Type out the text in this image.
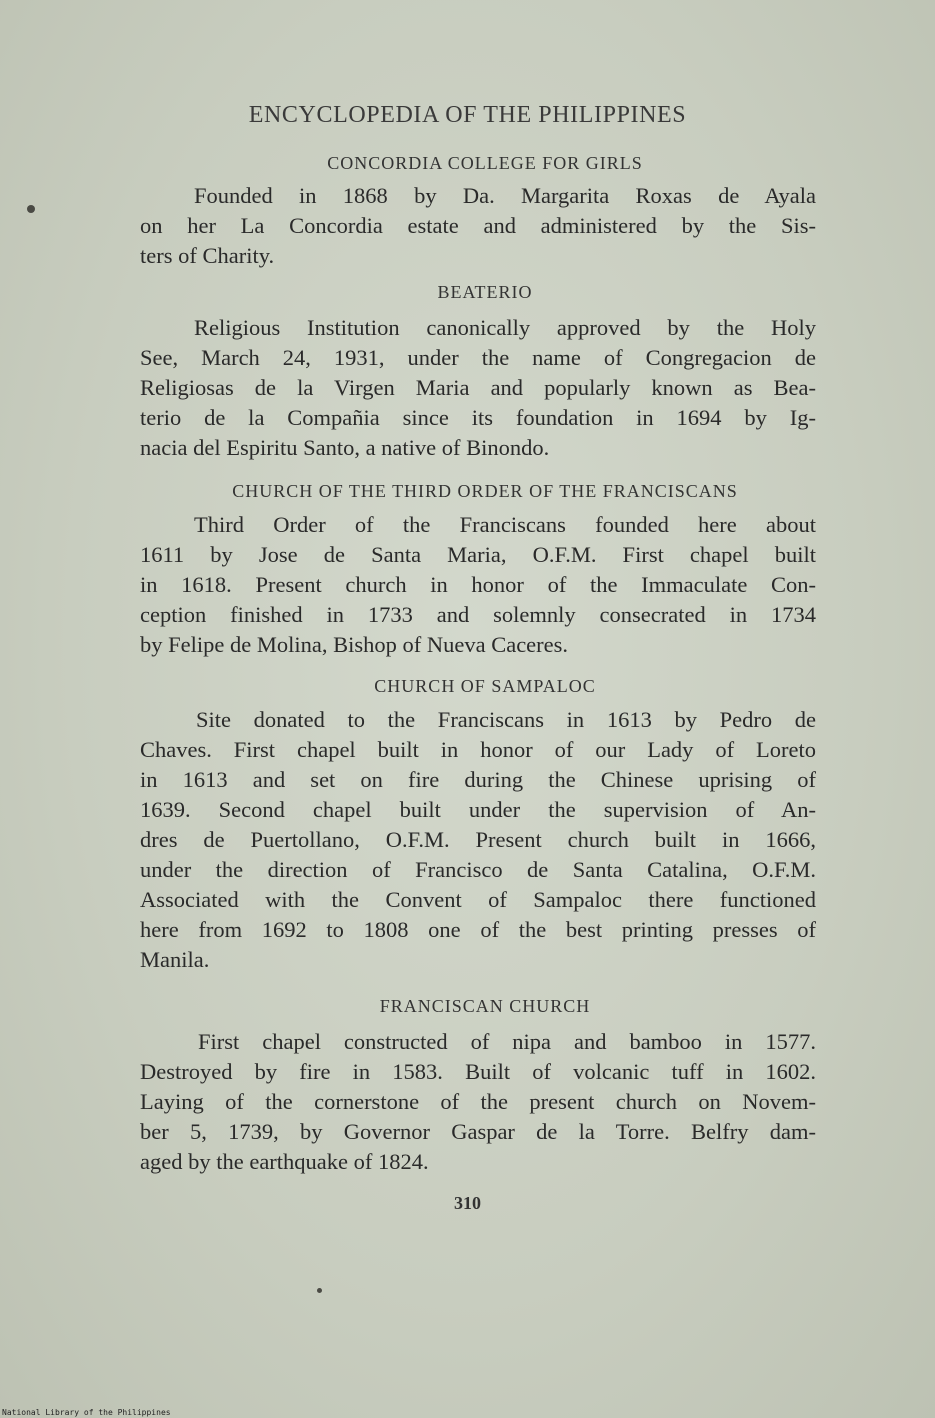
ENCYCLOPEDIA OF THE PHILIPPINES
CONCORDIA COLLEGE FOR GIRLS
Founded in 1868 by Da. Margarita Roxas de Ayala
on her La Concordia estate and administered by the Sis-
ters of Charity.
BEATERIO
Religious Institution canonically approved by the Holy
See, March 24, 1931, under the name of Congregacion de
Religiosas de la Virgen Maria and popularly known as Bea-
terio de la Compañia since its foundation in 1694 by Ig-
nacia del Espiritu Santo, a native of Binondo.
CHURCH OF THE THIRD ORDER OF THE FRANCISCANS
Third Order of the Franciscans founded here about
1611 by Jose de Santa Maria, O.F.M. First chapel built
in 1618. Present church in honor of the Immaculate Con-
ception finished in 1733 and solemnly consecrated in 1734
by Felipe de Molina, Bishop of Nueva Caceres.
CHURCH OF SAMPALOC
Site donated to the Franciscans in 1613 by Pedro de
Chaves. First chapel built in honor of our Lady of Loreto
in 1613 and set on fire during the Chinese uprising of
1639. Second chapel built under the supervision of An-
dres de Puertollano, O.F.M. Present church built in 1666,
under the direction of Francisco de Santa Catalina, O.F.M.
Associated with the Convent of Sampaloc there functioned
here from 1692 to 1808 one of the best printing presses of
Manila.
FRANCISCAN CHURCH
First chapel constructed of nipa and bamboo in 1577.
Destroyed by fire in 1583. Built of volcanic tuff in 1602.
Laying of the cornerstone of the present church on Novem-
ber 5, 1739, by Governor Gaspar de la Torre. Belfry dam-
aged by the earthquake of 1824.
310
National Library of the Philippines
